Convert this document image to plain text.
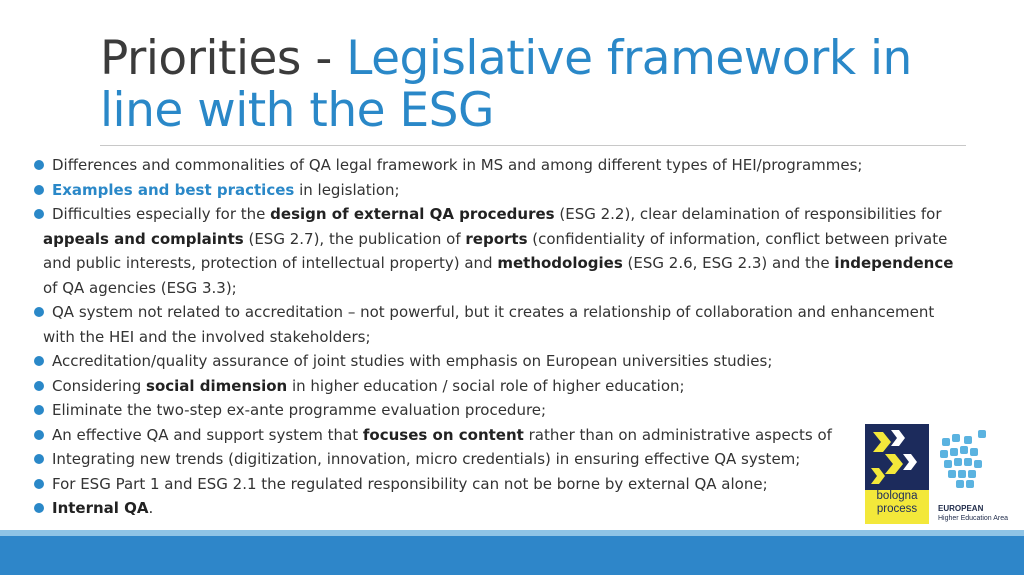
Priorities - Legislative framework in line with the ESG
Differences and commonalities of QA legal framework in MS and among different types of HEI/programmes;
Examples and best practices in legislation;
Difficulties especially for the design of external QA procedures (ESG 2.2), clear delamination of responsibilities for
appeals and complaints (ESG 2.7), the publication of reports (confidentiality of information, conflict between private
and public interests, protection of intellectual property) and methodologies (ESG 2.6, ESG 2.3) and the independence
of QA agencies (ESG 3.3);
QA system not related to accreditation – not powerful, but it creates a relationship of collaboration and enhancement
with the HEI and the involved stakeholders;
Accreditation/quality assurance of joint studies with emphasis on European universities studies;
Considering social dimension in higher education / social role of higher education;
Eliminate the two-step ex-ante programme evaluation procedure;
An effective QA and support system that focuses on content rather than on administrative aspects of
Integrating new trends (digitization, innovation, micro credentials) in ensuring effective QA system;
For ESG Part 1 and ESG 2.1 the regulated responsibility can not be borne by external QA alone;
Internal QA.
bologna
process	EUROPEAN
Higher Education Area
